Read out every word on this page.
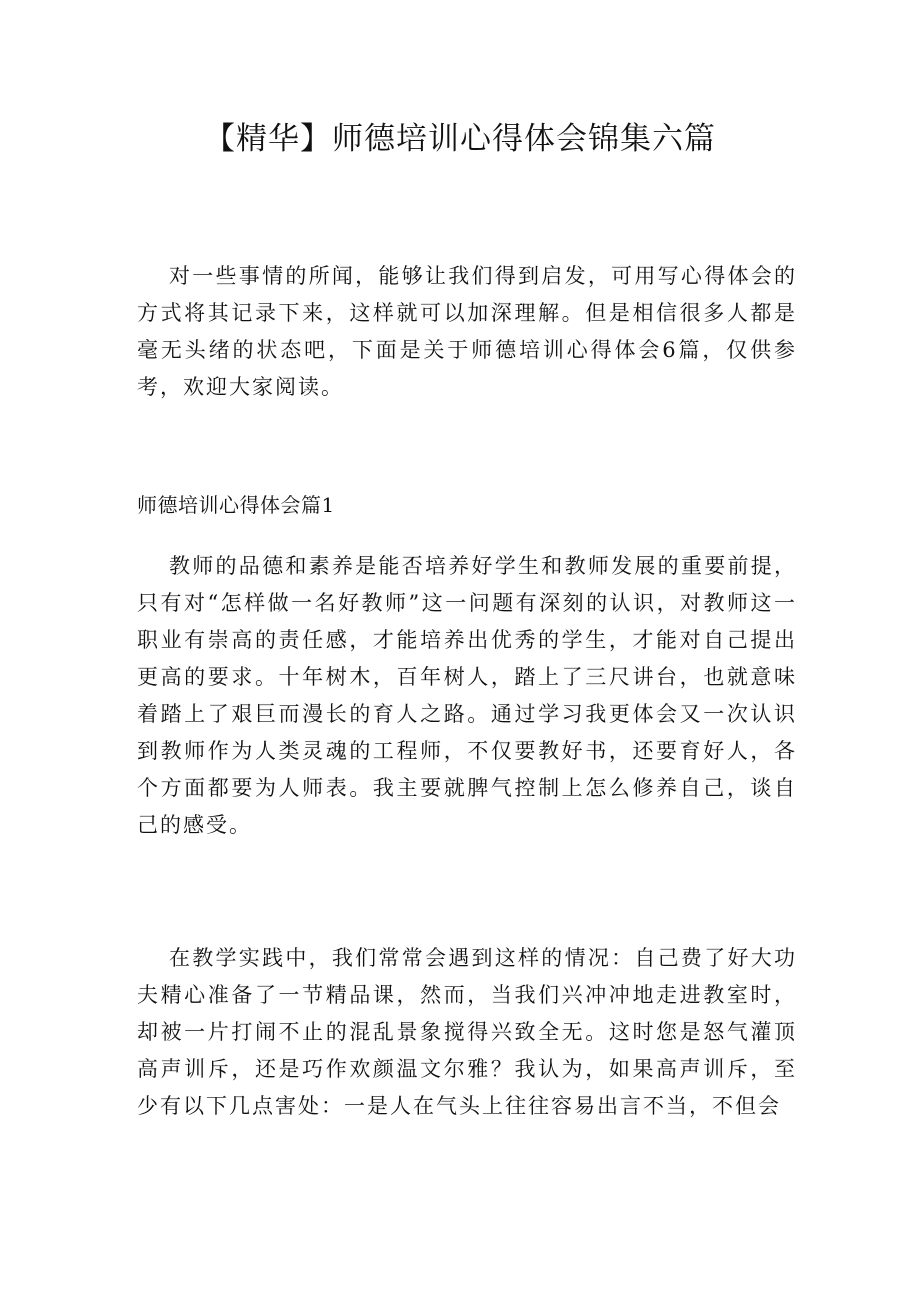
【精华】师德培训心得体会锦集六篇

对一些事情的所闻，能够让我们得到启发，可用写心得体会的方式将其记录下来，这样就可以加深理解。但是相信很多人都是毫无头绪的状态吧，下面是关于师德培训心得体会6篇，仅供参考，欢迎大家阅读。

师德培训心得体会篇1

教师的品德和素养是能否培养好学生和教师发展的重要前提，只有对“怎样做一名好教师”这一问题有深刻的认识，对教师这一职业有崇高的责任感，才能培养出优秀的学生，才能对自己提出更高的要求。十年树木，百年树人，踏上了三尺讲台，也就意味着踏上了艰巨而漫长的育人之路。通过学习我更体会又一次认识到教师作为人类灵魂的工程师，不仅要教好书，还要育好人，各个方面都要为人师表。我主要就脾气控制上怎么修养自己，谈自己的感受。

在教学实践中，我们常常会遇到这样的情况：自己费了好大功夫精心准备了一节精品课，然而，当我们兴冲冲地走进教室时，却被一片打闹不止的混乱景象搅得兴致全无。这时您是怒气灌顶高声训斥，还是巧作欢颜温文尔雅？我认为，如果高声训斥，至少有以下几点害处：一是人在气头上往往容易出言不当，不但会
